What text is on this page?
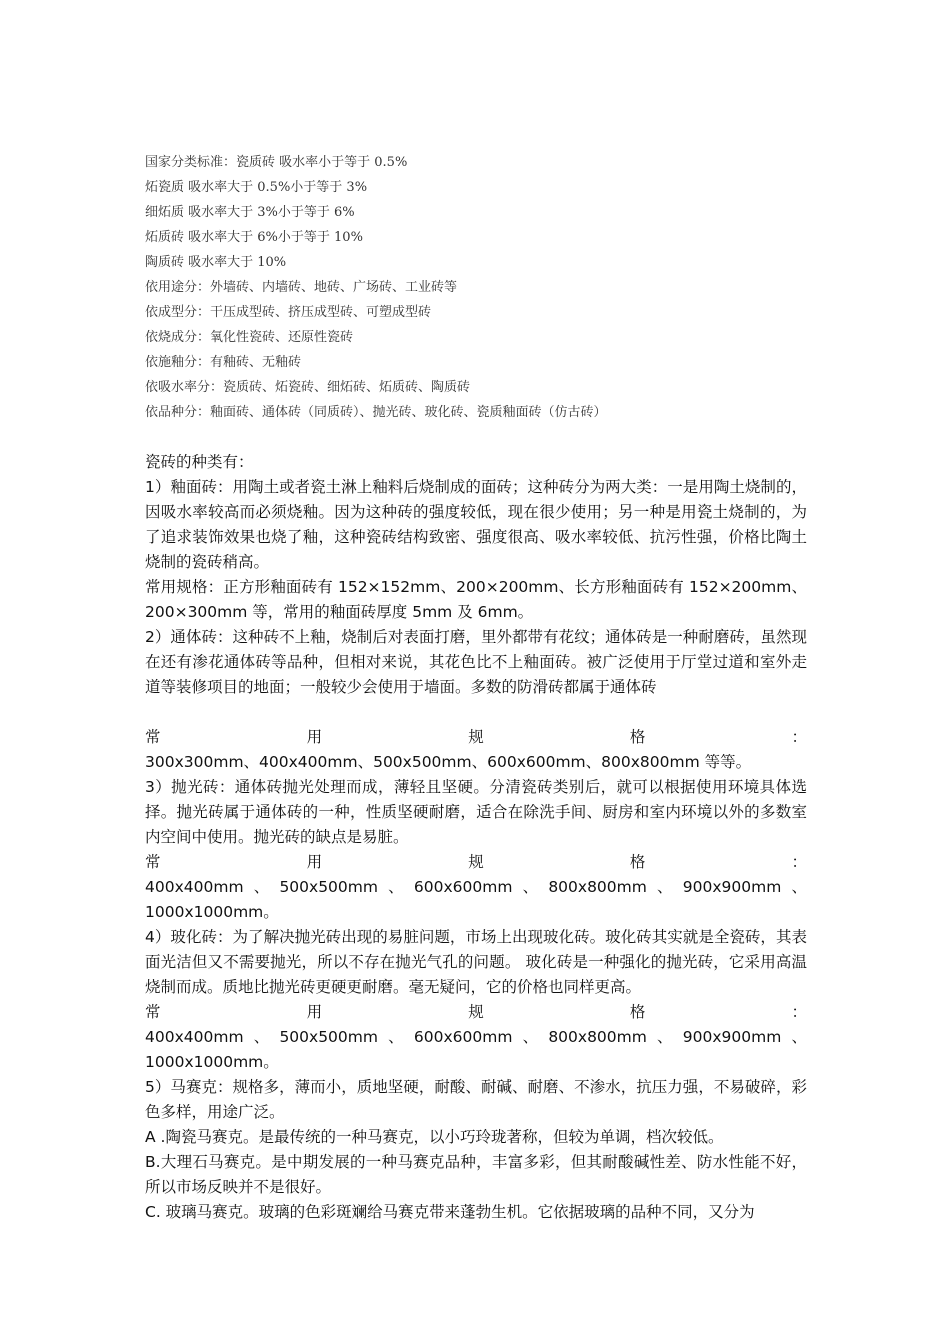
国家分类标准：瓷质砖 吸水率小于等于 0.5%
炻瓷质 吸水率大于 0.5%小于等于 3%
细炻质 吸水率大于 3%小于等于 6%
炻质砖 吸水率大于 6%小于等于 10%
陶质砖 吸水率大于 10%
依用途分：外墙砖、内墙砖、地砖、广场砖、工业砖等
依成型分：干压成型砖、挤压成型砖、可塑成型砖
依烧成分：氧化性瓷砖、还原性瓷砖
依施釉分：有釉砖、无釉砖
依吸水率分：瓷质砖、炻瓷砖、细炻砖、炻质砖、陶质砖
依品种分：釉面砖、通体砖（同质砖）、抛光砖、玻化砖、瓷质釉面砖（仿古砖）

瓷砖的种类有：

1）釉面砖：用陶土或者瓷土淋上釉料后烧制成的面砖；这种砖分为两大类：一是用陶土烧制的，因吸水率较高而必须烧釉。因为这种砖的强度较低，现在很少使用；另一种是用瓷土烧制的，为了追求装饰效果也烧了釉，这种瓷砖结构致密、强度很高、吸水率较低、抗污性强，价格比陶土烧制的瓷砖稍高。

常用规格：正方形釉面砖有 152×152mm、200×200mm、长方形釉面砖有 152×200mm、200×300mm 等，常用的釉面砖厚度 5mm 及 6mm。

2）通体砖：这种砖不上釉，烧制后对表面打磨，里外都带有花纹；通体砖是一种耐磨砖，虽然现在还有渗花通体砖等品种，但相对来说，其花色比不上釉面砖。被广泛使用于厅堂过道和室外走道等装修项目的地面；一般较少会使用于墙面。多数的防滑砖都属于通体砖

常	用	规	格	：

300x300mm、400x400mm、500x500mm、600x600mm、800x800mm 等等。

3）抛光砖：通体砖抛光处理而成，薄轻且坚硬。分清瓷砖类别后，就可以根据使用环境具体选择。抛光砖属于通体砖的一种，性质坚硬耐磨，适合在除洗手间、厨房和室内环境以外的多数室内空间中使用。抛光砖的缺点是易脏。

常	用	规	格	：

400x400mm、500x500mm、600x600mm、800x800mm、900x900mm、1000x1000mm。

4）玻化砖：为了解决抛光砖出现的易脏问题，市场上出现玻化砖。玻化砖其实就是全瓷砖，其表面光洁但又不需要抛光，所以不存在抛光气孔的问题。 玻化砖是一种强化的抛光砖，它采用高温烧制而成。质地比抛光砖更硬更耐磨。毫无疑问，它的价格也同样更高。

常	用	规	格	：

400x400mm、500x500mm、600x600mm、800x800mm、900x900mm、1000x1000mm。

5）马赛克：规格多，薄而小，质地坚硬，耐酸、耐碱、耐磨、不渗水，抗压力强，不易破碎，彩色多样，用途广泛。

A .陶瓷马赛克。是最传统的一种马赛克，以小巧玲珑著称，但较为单调，档次较低。

B.大理石马赛克。是中期发展的一种马赛克品种，丰富多彩，但其耐酸碱性差、防水性能不好，所以市场反映并不是很好。

C. 玻璃马赛克。玻璃的色彩斑斓给马赛克带来蓬勃生机。它依据玻璃的品种不同，又分为
